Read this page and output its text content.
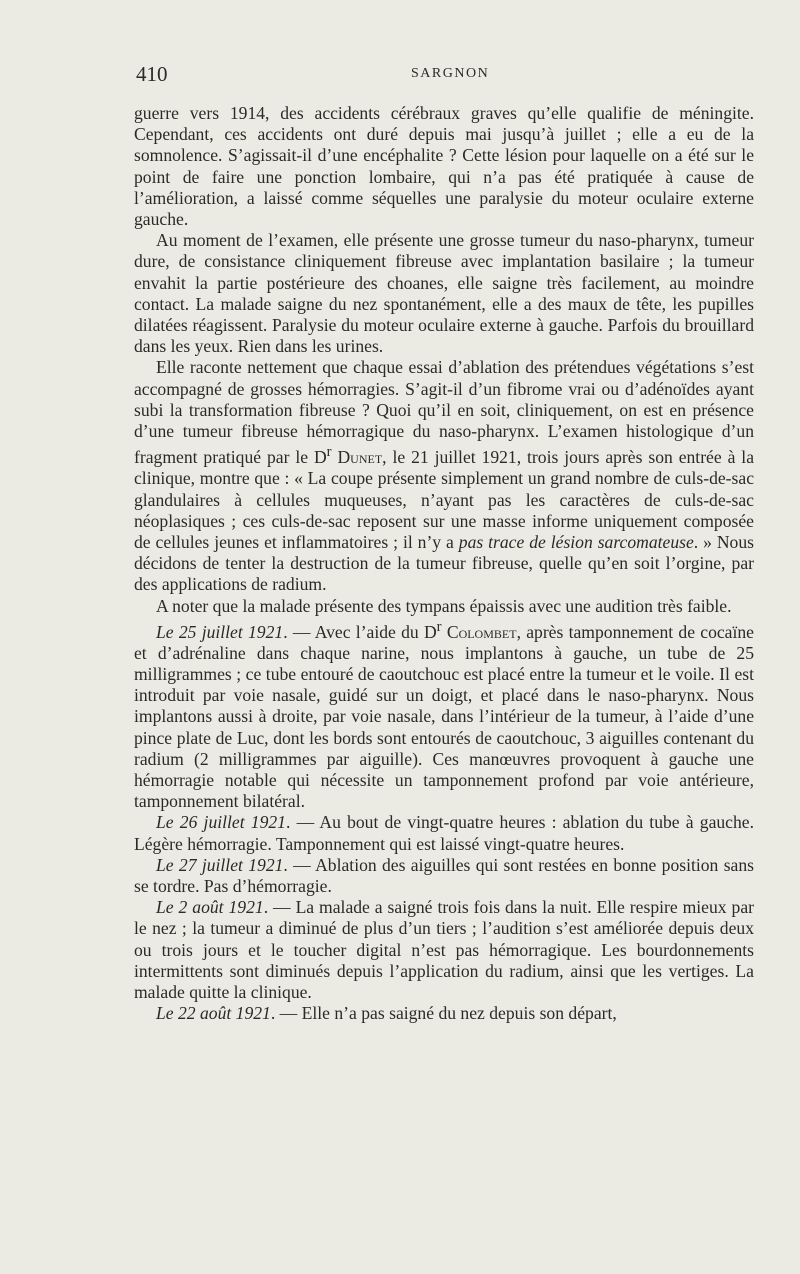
410	SARGNON

guerre vers 1914, des accidents cérébraux graves qu’elle qualifie de méningite. Cependant, ces accidents ont duré depuis mai jusqu’à juillet ; elle a eu de la somnolence. S’agissait-il d’une encéphalite ? Cette lésion pour laquelle on a été sur le point de faire une ponction lombaire, qui n’a pas été pratiquée à cause de l’amélioration, a laissé comme séquelles une paralysie du moteur oculaire externe gauche.

Au moment de l’examen, elle présente une grosse tumeur du naso-pharynx, tumeur dure, de consistance cliniquement fibreuse avec implantation basilaire ; la tumeur envahit la partie postérieure des choanes, elle saigne très facilement, au moindre contact. La malade saigne du nez spontanément, elle a des maux de tête, les pupilles dilatées réagissent. Paralysie du moteur oculaire externe à gauche. Parfois du brouillard dans les yeux. Rien dans les urines.

Elle raconte nettement que chaque essai d’ablation des prétendues végétations s’est accompagné de grosses hémorragies. S’agit-il d’un fibrome vrai ou d’adénoïdes ayant subi la transformation fibreuse ? Quoi qu’il en soit, cliniquement, on est en présence d’une tumeur fibreuse hémorragique du naso-pharynx. L’examen histologique d’un fragment pratiqué par le $D^r$ Dunet, le 21 juillet 1921, trois jours après son entrée à la clinique, montre que : « La coupe présente simplement un grand nombre de culs-de-sac glandulaires à cellules muqueuses, n’ayant pas les caractères de culs-de-sac néoplasiques ; ces culs-de-sac reposent sur une masse informe uniquement composée de cellules jeunes et inflammatoires ; il n’y a pas trace de lésion sarcomateuse. » Nous décidons de tenter la destruction de la tumeur fibreuse, quelle qu’en soit l’orgine, par des applications de radium.

A noter que la malade présente des tympans épaissis avec une audition très faible.

Le 25 juillet 1921. — Avec l’aide du $D^r$ Colombet, après tamponnement de cocaïne et d’adrénaline dans chaque narine, nous implantons à gauche, un tube de 25 milligrammes ; ce tube entouré de caoutchouc est placé entre la tumeur et le voile. Il est introduit par voie nasale, guidé sur un doigt, et placé dans le naso-pharynx. Nous implantons aussi à droite, par voie nasale, dans l’intérieur de la tumeur, à l’aide d’une pince plate de Luc, dont les bords sont entourés de caoutchouc, 3 aiguilles contenant du radium (2 milligrammes par aiguille). Ces manœuvres provoquent à gauche une hémorragie notable qui nécessite un tamponnement profond par voie antérieure, tamponnement bilatéral.

Le 26 juillet 1921. — Au bout de vingt-quatre heures : ablation du tube à gauche. Légère hémorragie. Tamponnement qui est laissé vingt-quatre heures.

Le 27 juillet 1921. — Ablation des aiguilles qui sont restées en bonne position sans se tordre. Pas d’hémorragie.

Le 2 août 1921. — La malade a saigné trois fois dans la nuit. Elle respire mieux par le nez ; la tumeur a diminué de plus d’un tiers ; l’audition s’est améliorée depuis deux ou trois jours et le toucher digital n’est pas hémorragique. Les bourdonnements intermittents sont diminués depuis l’application du radium, ainsi que les vertiges. La malade quitte la clinique.

Le 22 août 1921. — Elle n’a pas saigné du nez depuis son départ,
